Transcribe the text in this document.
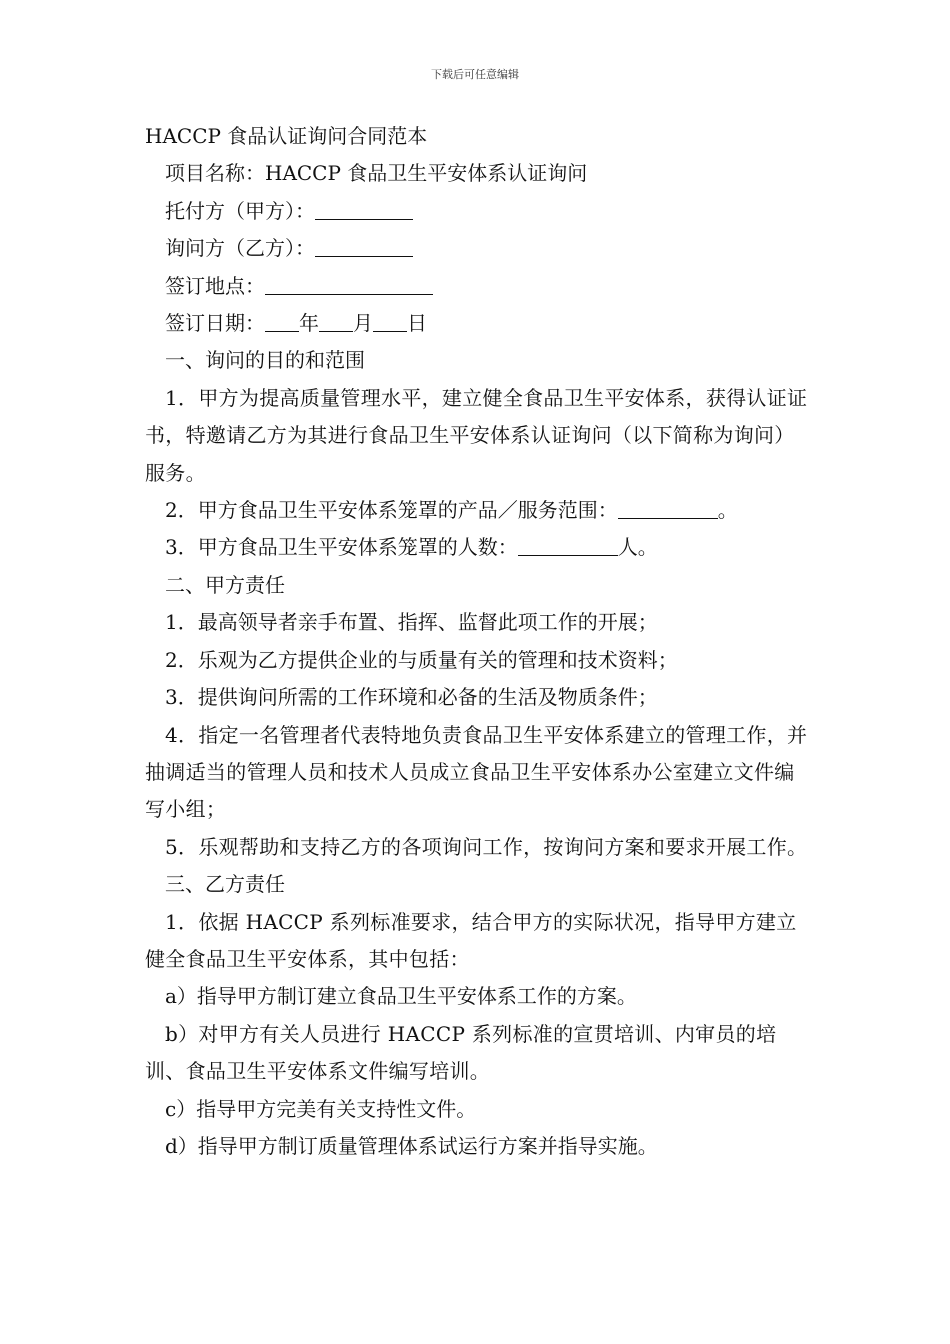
下载后可任意编辑

HACCP 食品认证询问合同范本

项目名称：HACCP 食品卫生平安体系认证询问

托付方（甲方）：

询问方（乙方）：

签订地点：

签订日期： 年 月 日

一、询问的目的和范围

1．甲方为提高质量管理水平，建立健全食品卫生平安体系，获得认证证书，特邀请乙方为其进行食品卫生平安体系认证询问（以下简称为询问）服务。

2．甲方食品卫生平安体系笼罩的产品／服务范围：	。

3．甲方食品卫生平安体系笼罩的人数：	人。

二、甲方责任

1．最高领导者亲手布置、指挥、监督此项工作的开展；

2．乐观为乙方提供企业的与质量有关的管理和技术资料；

3．提供询问所需的工作环境和必备的生活及物质条件；

4．指定一名管理者代表特地负责食品卫生平安体系建立的管理工作，并抽调适当的管理人员和技术人员成立食品卫生平安体系办公室建立文件编写小组；

5．乐观帮助和支持乙方的各项询问工作，按询问方案和要求开展工作。

三、乙方责任

1．依据 HACCP 系列标准要求，结合甲方的实际状况，指导甲方建立健全食品卫生平安体系，其中包括：

a）指导甲方制订建立食品卫生平安体系工作的方案。

b）对甲方有关人员进行 HACCP 系列标准的宣贯培训、内审员的培训、食品卫生平安体系文件编写培训。

c）指导甲方完美有关支持性文件。

d）指导甲方制订质量管理体系试运行方案并指导实施。
